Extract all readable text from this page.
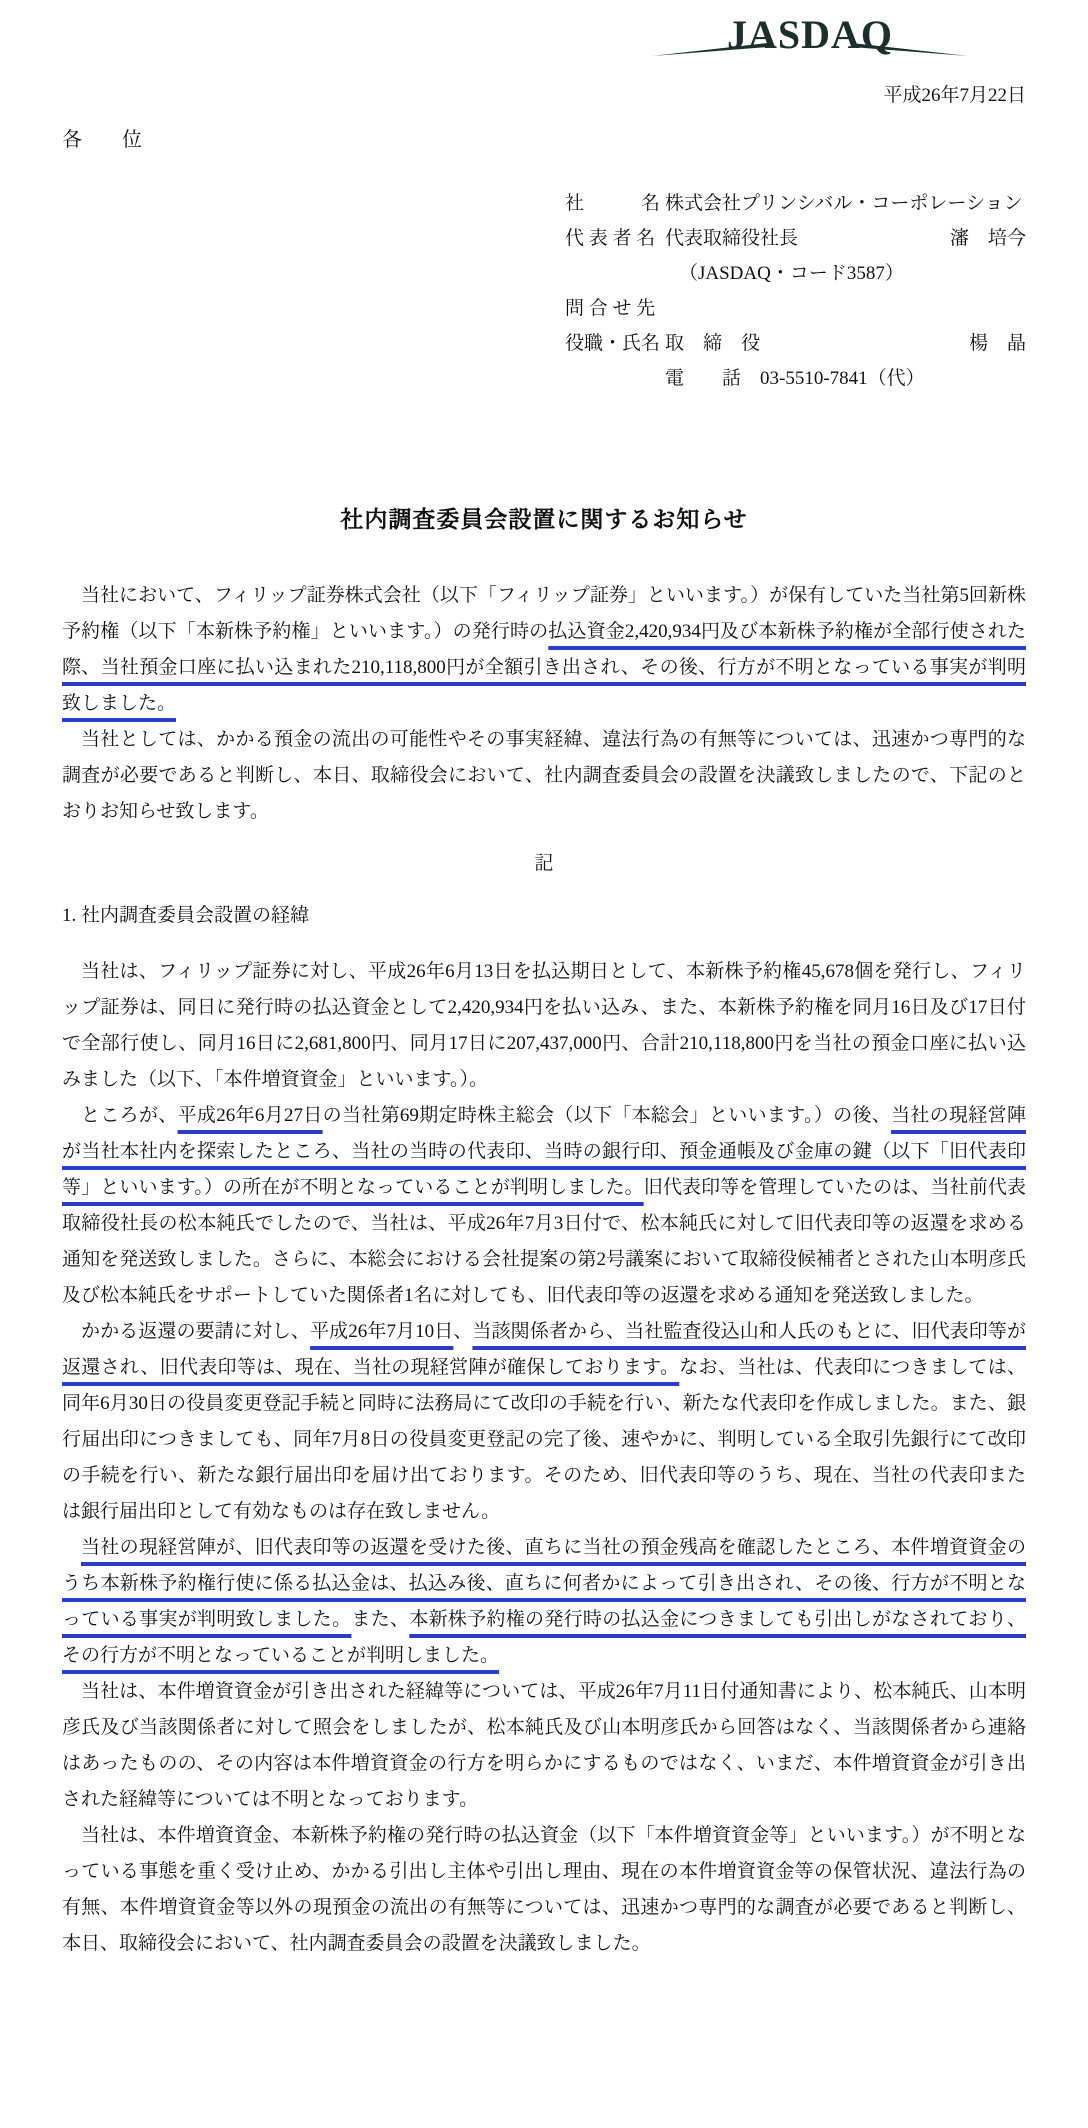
JASDAQ
平成26年7月22日
各　位
社　　　名 株式会社プリンシバル・コーポレーション
代 表 者 名 代表取締役社長	瀋　培今
（JASDAQ・コード3587）
問 合 せ 先
役職・氏名 取　締　役	楊　晶
電　　話　03-5510-7841（代）
社内調査委員会設置に関するお知らせ

当社において、フィリップ証券株式会社（以下「フィリップ証券」といいます。）が保有していた当社第5回新株予約権（以下「本新株予約権」といいます。）の発行時の払込資金2,420,934円及び本新株予約権が全部行使された際、当社預金口座に払い込まれた210,118,800円が全額引き出され、その後、行方が不明となっている事実が判明致しました。

当社としては、かかる預金の流出の可能性やその事実経緯、違法行為の有無等については、迅速かつ専門的な調査が必要であると判断し、本日、取締役会において、社内調査委員会の設置を決議致しましたので、下記のとおりお知らせ致します。

記
1. 社内調査委員会設置の経緯

当社は、フィリップ証券に対し、平成26年6月13日を払込期日として、本新株予約権45,678個を発行し、フィリップ証券は、同日に発行時の払込資金として2,420,934円を払い込み、また、本新株予約権を同月16日及び17日付で全部行使し、同月16日に2,681,800円、同月17日に207,437,000円、合計210,118,800円を当社の預金口座に払い込みました（以下、「本件増資資金」といいます。）。

ところが、平成26年6月27日の当社第69期定時株主総会（以下「本総会」といいます。）の後、当社の現経営陣が当社本社内を探索したところ、当社の当時の代表印、当時の銀行印、預金通帳及び金庫の鍵（以下「旧代表印等」といいます。）の所在が不明となっていることが判明しました。旧代表印等を管理していたのは、当社前代表取締役社長の松本純氏でしたので、当社は、平成26年7月3日付で、松本純氏に対して旧代表印等の返還を求める通知を発送致しました。さらに、本総会における会社提案の第2号議案において取締役候補者とされた山本明彦氏及び松本純氏をサポートしていた関係者1名に対しても、旧代表印等の返還を求める通知を発送致しました。

かかる返還の要請に対し、平成26年7月10日、当該関係者から、当社監査役込山和人氏のもとに、旧代表印等が返還され、旧代表印等は、現在、当社の現経営陣が確保しております。なお、当社は、代表印につきましては、同年6月30日の役員変更登記手続と同時に法務局にて改印の手続を行い、新たな代表印を作成しました。また、銀行届出印につきましても、同年7月8日の役員変更登記の完了後、速やかに、判明している全取引先銀行にて改印の手続を行い、新たな銀行届出印を届け出ております。そのため、旧代表印等のうち、現在、当社の代表印または銀行届出印として有効なものは存在致しません。

当社の現経営陣が、旧代表印等の返還を受けた後、直ちに当社の預金残高を確認したところ、本件増資資金のうち本新株予約権行使に係る払込金は、払込み後、直ちに何者かによって引き出され、その後、行方が不明となっている事実が判明致しました。また、本新株予約権の発行時の払込金につきましても引出しがなされており、その行方が不明となっていることが判明しました。

当社は、本件増資資金が引き出された経緯等については、平成26年7月11日付通知書により、松本純氏、山本明彦氏及び当該関係者に対して照会をしましたが、松本純氏及び山本明彦氏から回答はなく、当該関係者から連絡はあったものの、その内容は本件増資資金の行方を明らかにするものではなく、いまだ、本件増資資金が引き出された経緯等については不明となっております。

当社は、本件増資資金、本新株予約権の発行時の払込資金（以下「本件増資資金等」といいます。）が不明となっている事態を重く受け止め、かかる引出し主体や引出し理由、現在の本件増資資金等の保管状況、違法行為の有無、本件増資資金等以外の現預金の流出の有無等については、迅速かつ専門的な調査が必要であると判断し、本日、取締役会において、社内調査委員会の設置を決議致しました。
